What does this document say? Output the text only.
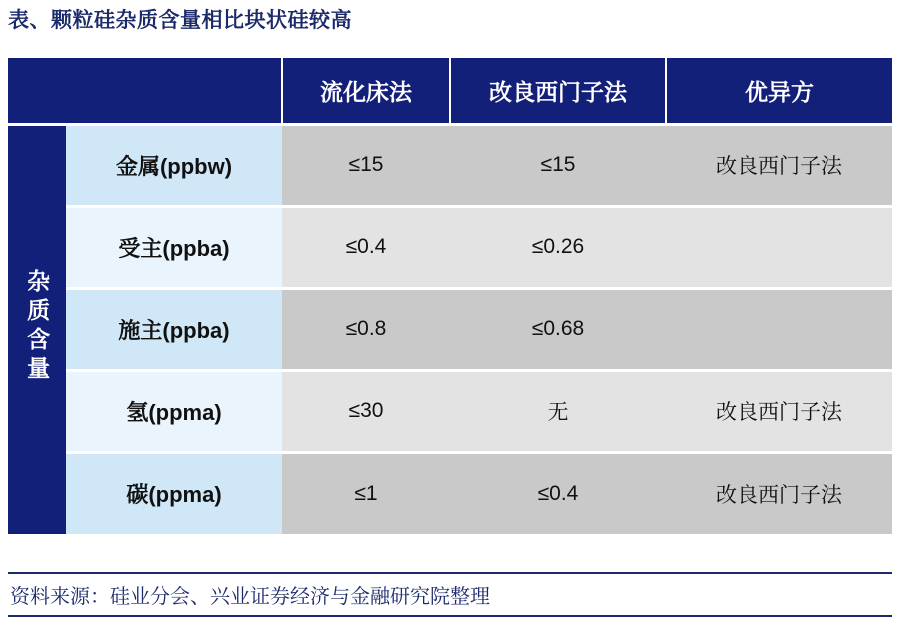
表、颗粒硅杂质含量相比块状硅较高
		流化床法	改良西门子法	优异方
杂质含量	金属(ppbw)	≤15	≤15	改良西门子法
	受主(ppba)	≤0.4	≤0.26	
	施主(ppba)	≤0.8	≤0.68	
	氢(ppma)	≤30	无	改良西门子法
	碳(ppma)	≤1	≤0.4	改良西门子法
资料来源：硅业分会、兴业证券经济与金融研究院整理
